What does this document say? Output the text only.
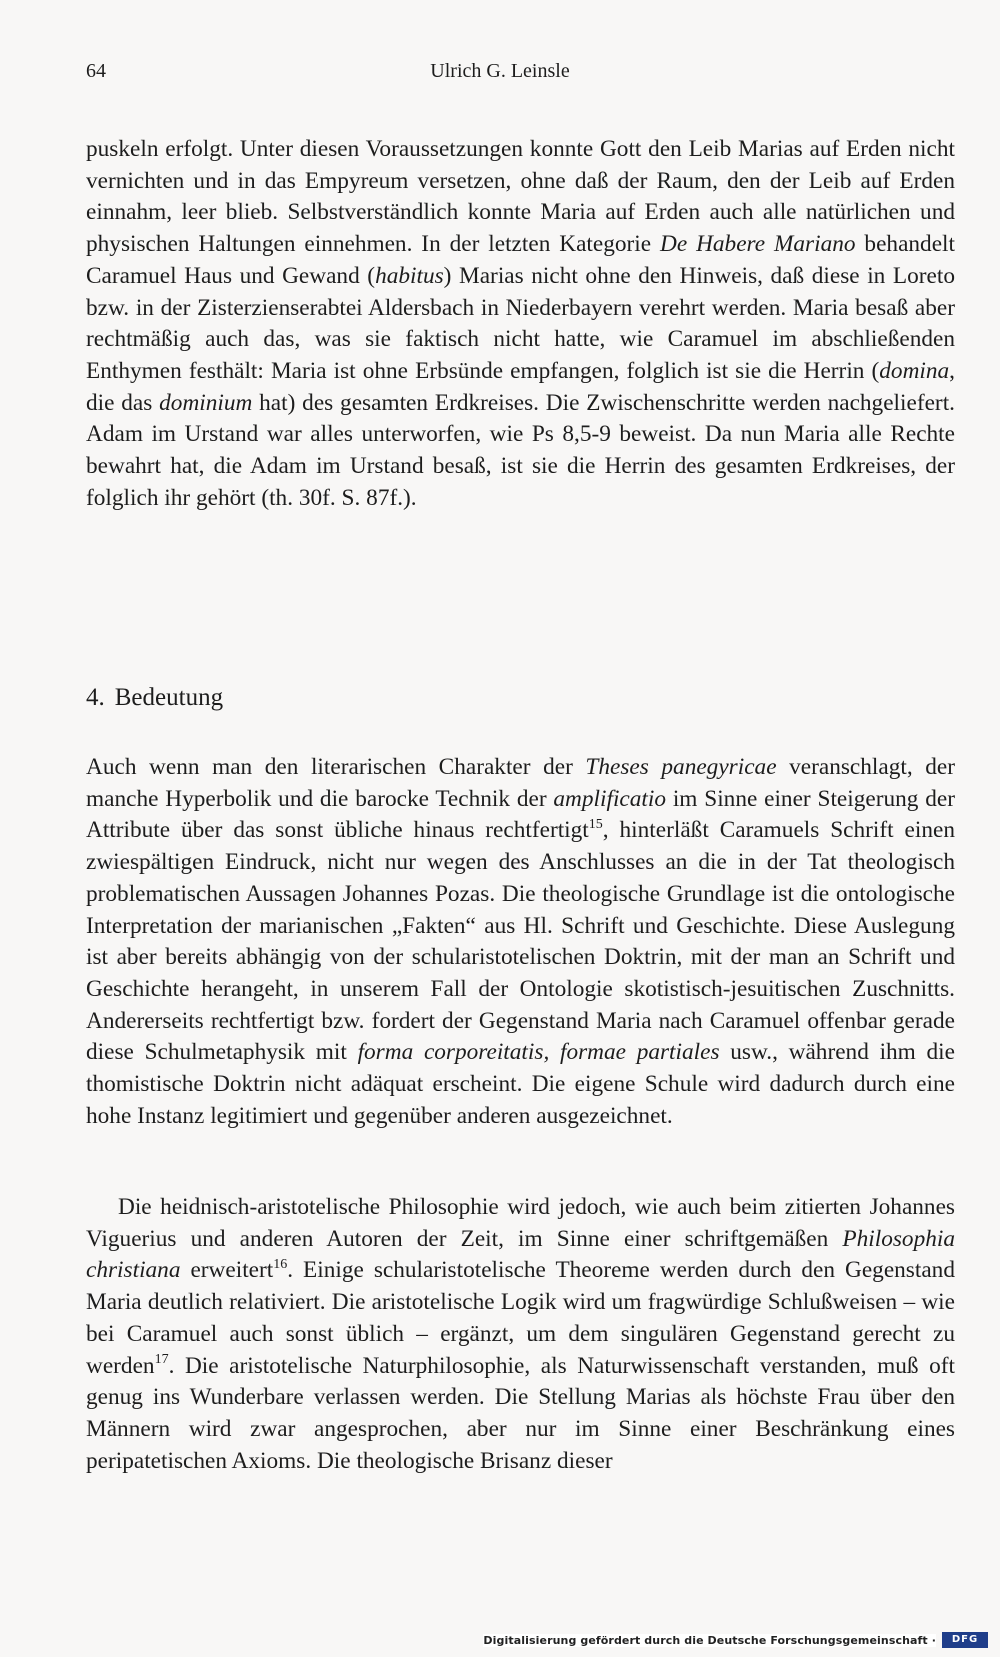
64	Ulrich G. Leinsle

puskeln erfolgt. Unter diesen Voraussetzungen konnte Gott den Leib Marias auf Erden nicht vernichten und in das Empyreum versetzen, ohne daß der Raum, den der Leib auf Erden einnahm, leer blieb. Selbstverständlich konnte Maria auf Erden auch alle natürlichen und physischen Haltungen einnehmen. In der letzten Kategorie De Habere Mariano behandelt Caramuel Haus und Gewand (habitus) Marias nicht ohne den Hinweis, daß diese in Loreto bzw. in der Zisterzienserabtei Aldersbach in Niederbayern verehrt werden. Maria besaß aber rechtmäßig auch das, was sie faktisch nicht hatte, wie Caramuel im abschließenden Enthymen festhält: Maria ist ohne Erbsünde empfangen, folglich ist sie die Herrin (domina, die das dominium hat) des gesamten Erdkreises. Die Zwischenschritte werden nachgeliefert. Adam im Urstand war alles unterworfen, wie Ps 8,5-9 beweist. Da nun Maria alle Rechte bewahrt hat, die Adam im Urstand besaß, ist sie die Herrin des gesamten Erdkreises, der folglich ihr gehört (th. 30f. S. 87f.).

4. Bedeutung

Auch wenn man den literarischen Charakter der Theses panegyricae veranschlagt, der manche Hyperbolik und die barocke Technik der amplificatio im Sinne einer Steigerung der Attribute über das sonst übliche hinaus rechtfertigt$^{15}$, hinterläßt Caramuels Schrift einen zwiespältigen Eindruck, nicht nur wegen des Anschlusses an die in der Tat theologisch problematischen Aussagen Johannes Pozas. Die theologische Grundlage ist die ontologische Interpretation der marianischen „Fakten“ aus Hl. Schrift und Geschichte. Diese Auslegung ist aber bereits abhängig von der schularistotelischen Doktrin, mit der man an Schrift und Geschichte herangeht, in unserem Fall der Ontologie skotistisch-jesuitischen Zuschnitts. Andererseits rechtfertigt bzw. fordert der Gegenstand Maria nach Caramuel offenbar gerade diese Schulmetaphysik mit forma corporeitatis, formae partiales usw., während ihm die thomistische Doktrin nicht adäquat erscheint. Die eigene Schule wird dadurch durch eine hohe Instanz legitimiert und gegenüber anderen ausgezeichnet.

Die heidnisch-aristotelische Philosophie wird jedoch, wie auch beim zitierten Johannes Viguerius und anderen Autoren der Zeit, im Sinne einer schriftgemäßen Philosophia christiana erweitert$^{16}$. Einige schularistotelische Theoreme werden durch den Gegenstand Maria deutlich relativiert. Die aristotelische Logik wird um fragwürdige Schlußweisen – wie bei Caramuel auch sonst üblich – ergänzt, um dem singulären Gegenstand gerecht zu werden$^{17}$. Die aristotelische Naturphilosophie, als Naturwissenschaft verstanden, muß oft genug ins Wunderbare verlassen werden. Die Stellung Marias als höchste Frau über den Männern wird zwar angesprochen, aber nur im Sinne einer Beschränkung eines peripatetischen Axioms. Die theologische Brisanz dieser

Digitalisierung gefördert durch die Deutsche Forschungsgemeinschaft ·	DFG
